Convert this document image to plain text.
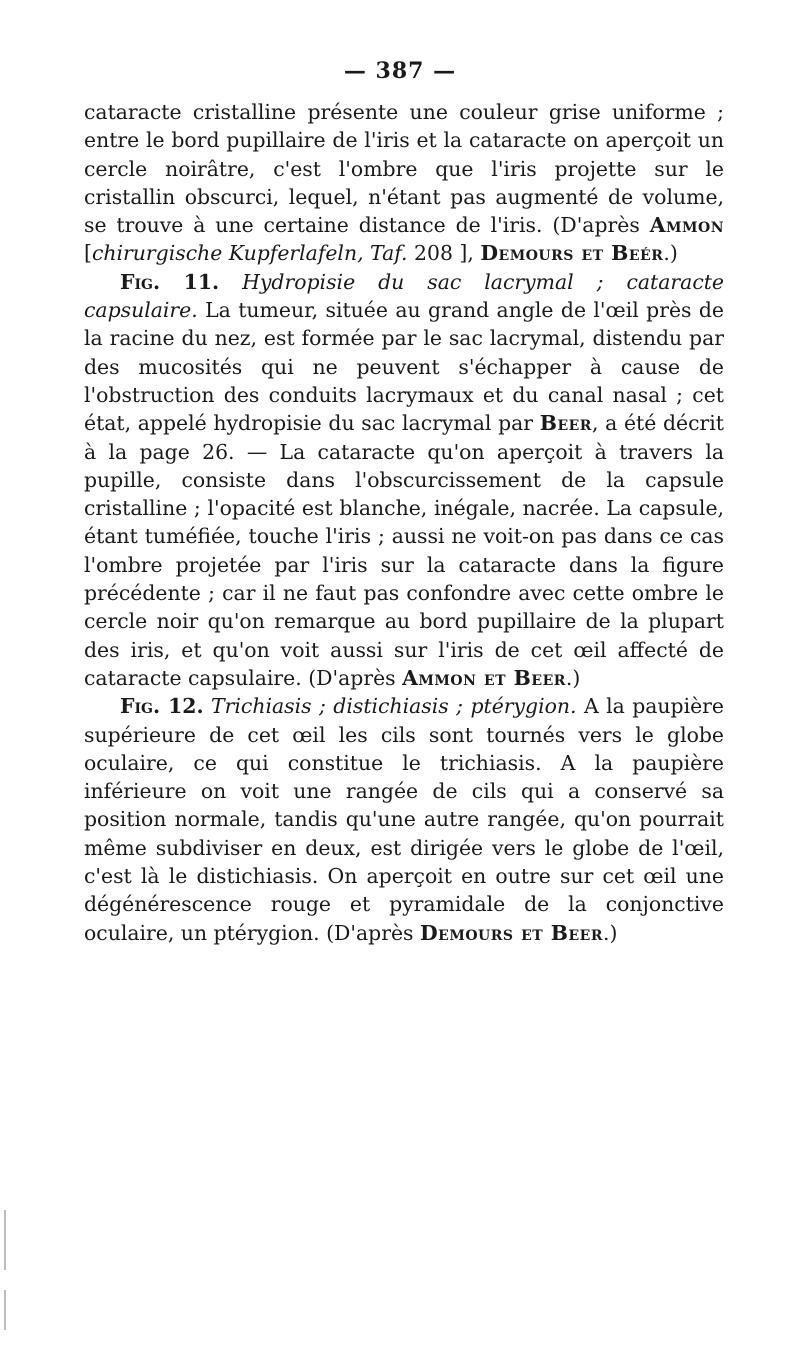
— 387 —

cataracte cristalline présente une couleur grise uniforme ; entre le bord pupillaire de l'iris et la cataracte on aperçoit un cercle noirâtre, c'est l'ombre que l'iris projette sur le cristallin obscurci, lequel, n'étant pas augmenté de volume, se trouve à une certaine distance de l'iris. (D'après Ammon [chirurgische Kupferlafeln, Taf. 208 ], Demours et Beér.)

Fig. 11. Hydropisie du sac lacrymal ; cataracte capsulaire. La tumeur, située au grand angle de l'œil près de la racine du nez, est formée par le sac lacrymal, distendu par des mucosités qui ne peuvent s'échapper à cause de l'obstruction des conduits lacrymaux et du canal nasal ; cet état, appelé hydropisie du sac lacrymal par Beer, a été décrit à la page 26. — La cataracte qu'on aperçoit à travers la pupille, consiste dans l'obscurcissement de la capsule cristalline ; l'opacité est blanche, inégale, nacrée. La capsule, étant tuméfiée, touche l'iris ; aussi ne voit-on pas dans ce cas l'ombre projetée par l'iris sur la cataracte dans la figure précédente ; car il ne faut pas confondre avec cette ombre le cercle noir qu'on remarque au bord pupillaire de la plupart des iris, et qu'on voit aussi sur l'iris de cet œil affecté de cataracte capsulaire. (D'après Ammon et Beer.)

Fig. 12. Trichiasis ; distichiasis ; ptérygion. A la paupière supérieure de cet œil les cils sont tournés vers le globe oculaire, ce qui constitue le trichiasis. A la paupière inférieure on voit une rangée de cils qui a conservé sa position normale, tandis qu'une autre rangée, qu'on pourrait même subdiviser en deux, est dirigée vers le globe de l'œil, c'est là le distichiasis. On aperçoit en outre sur cet œil une dégénérescence rouge et pyramidale de la conjonctive oculaire, un ptérygion. (D'après Demours et Beer.)
